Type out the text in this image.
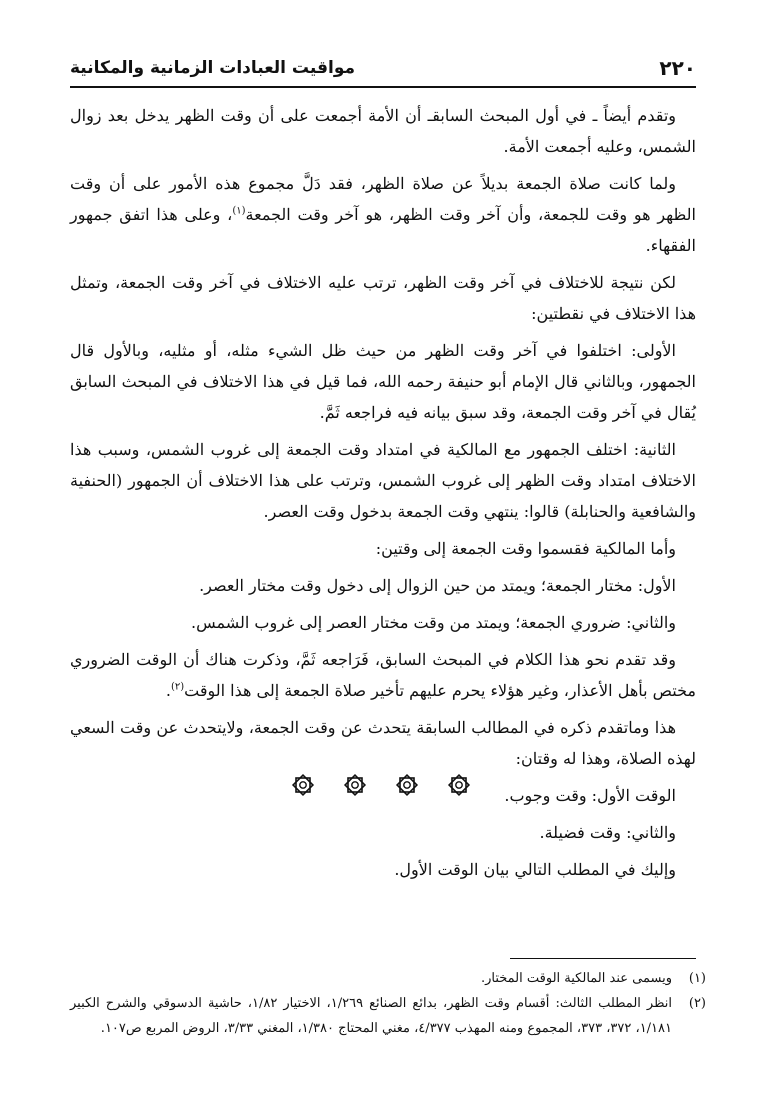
مواقيت العبادات الزمانية والمكانية	٢٢٠

وتقدم أيضاً ـ في أول المبحث السابقـ أن الأمة أجمعت على أن وقت الظهر يدخل بعد زوال الشمس، وعليه أجمعت الأمة.

ولما كانت صلاة الجمعة بديلاً عن صلاة الظهر، فقد دَلَّ مجموع هذه الأمور على أن وقت الظهر هو وقت للجمعة، وأن آخر وقت الظهر، هو آخر وقت الجمعة$^{(١)}$، وعلى هذا اتفق جمهور الفقهاء.

لكن نتيجة للاختلاف في آخر وقت الظهر، ترتب عليه الاختلاف في آخر وقت الجمعة، وتمثل هذا الاختلاف في نقطتين:

الأولى: اختلفوا في آخر وقت الظهر من حيث ظل الشيء مثله، أو مثليه، وبالأول قال الجمهور، وبالثاني قال الإمام أبو حنيفة رحمه الله، فما قيل في هذا الاختلاف في المبحث السابق يُقال في آخر وقت الجمعة، وقد سبق بيانه فيه فراجعه ثَمَّ.

الثانية: اختلف الجمهور مع المالكية في امتداد وقت الجمعة إلى غروب الشمس، وسبب هذا الاختلاف امتداد وقت الظهر إلى غروب الشمس، وترتب على هذا الاختلاف أن الجمهور (الحنفية والشافعية والحنابلة) قالوا: ينتهي وقت الجمعة بدخول وقت العصر.

وأما المالكية فقسموا وقت الجمعة إلى وقتين:

الأول: مختار الجمعة؛ ويمتد من حين الزوال إلى دخول وقت مختار العصر.

والثاني: ضروري الجمعة؛ ويمتد من وقت مختار العصر إلى غروب الشمس.

وقد تقدم نحو هذا الكلام في المبحث السابق، فَرَاجعه ثَمَّ، وذكرت هناك أن الوقت الضروري مختص بأهل الأعذار، وغير هؤلاء يحرم عليهم تأخير صلاة الجمعة إلى هذا الوقت$^{(٢)}$.

هذا وماتقدم ذكره في المطالب السابقة يتحدث عن وقت الجمعة، ولايتحدث عن وقت السعي لهذه الصلاة، وهذا له وقتان:

الوقت الأول: وقت وجوب.

والثاني: وقت فضيلة.

وإليك في المطلب التالي بيان الوقت الأول.

(١)
ويسمى عند المالكية الوقت المختار.
(٢)
انظر المطلب الثالث: أقسام وقت الظهر، بدائع الصنائع ١/٢٦٩، الاختيار ١/٨٢، حاشية الدسوقي والشرح الكبير ١/١٨١، ٣٧٢، ٣٧٣، المجموع ومنه المهذب ٤/٣٧٧، مغني المحتاج ١/٣٨٠، المغني ٣/٣٣، الروض المربع ص١٠٧.
